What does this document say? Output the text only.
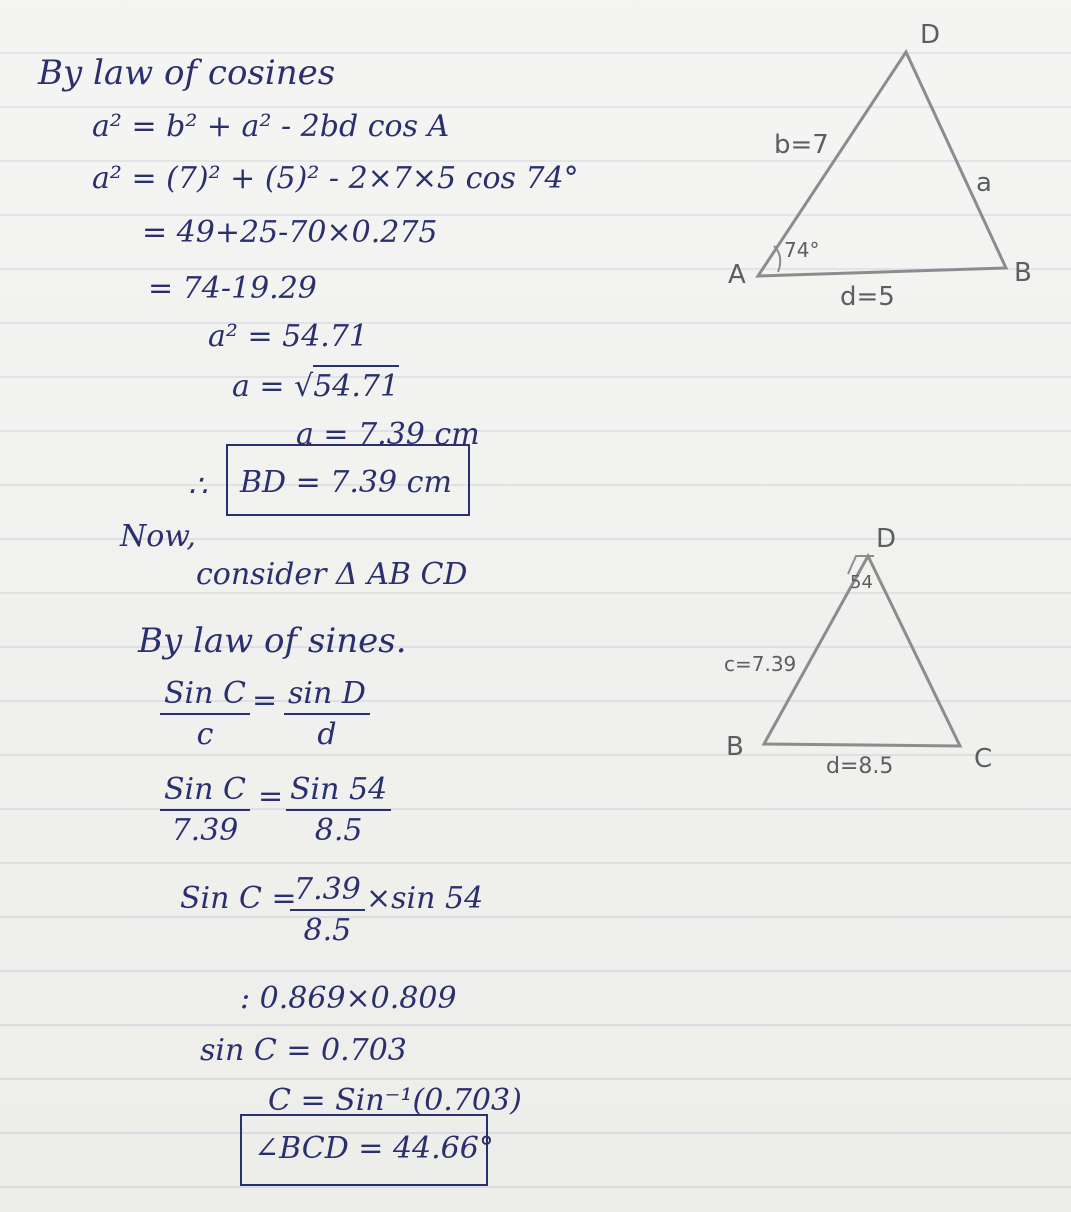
By law of cosines
a² = b² + a² - 2bd cos A
a² = (7)² + (5)² - 2×7×5 cos 74°
= 49+25-70×0.275
= 74-19.29
a² = 54.71
a = √54.71
a = 7.39 cm
∴ BD = 7.39 cm
Now,
consider Δ AB CD
By law of sines.
Sin C
c
= $\frac{\text{sin D}}{d}$
Sin C
7.39
= Sin 54
8.5
Sin C =
$\frac{7.39}{8.5} \times\sin$ 54
: 0.869×0.809
sin C = 0.703
C = Sin⁻¹(0.703)
∠BCD = 44.66°
A	B
D
b=7
a
d=5
74°
B	C
D
c=7.39
d=8.5
54
